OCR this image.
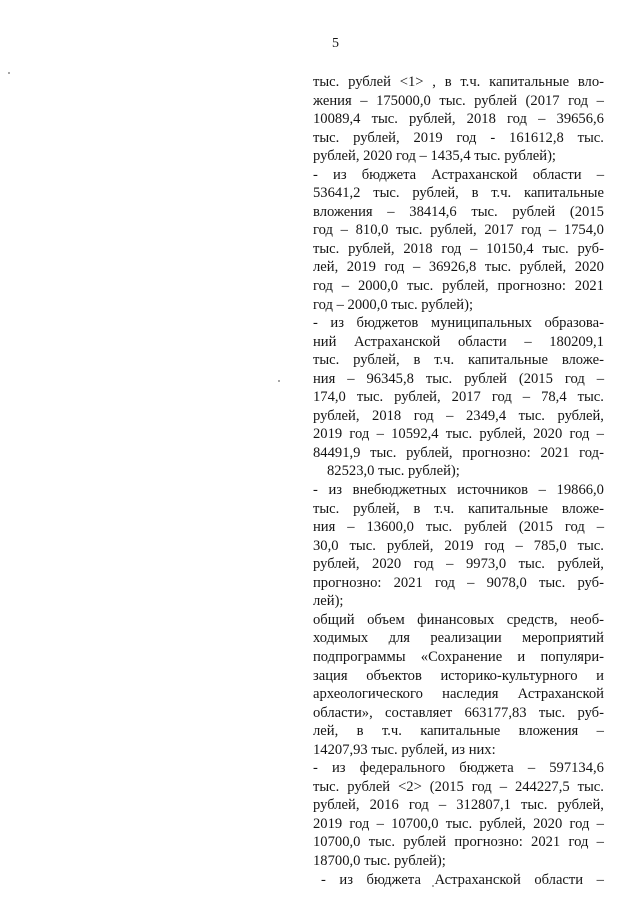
5
тыс. рублей <1> , в т.ч. капитальные вло-
жения – 175000,0 тыс. рублей (2017 год –
10089,4 тыс. рублей, 2018 год – 39656,6
тыс. рублей, 2019 год - 161612,8 тыс.
рублей, 2020 год – 1435,4 тыс. рублей);
- из бюджета Астраханской области –
53641,2 тыс. рублей, в т.ч. капитальные
вложения – 38414,6 тыс. рублей (2015
год – 810,0 тыс. рублей, 2017 год – 1754,0
тыс. рублей, 2018 год – 10150,4 тыс. руб-
лей, 2019 год – 36926,8 тыс. рублей, 2020
год – 2000,0 тыс. рублей, прогнозно: 2021
год – 2000,0 тыс. рублей);
- из бюджетов муниципальных образова-
ний Астраханской области – 180209,1
тыс. рублей, в т.ч. капитальные вложе-
ния – 96345,8 тыс. рублей (2015 год –
174,0 тыс. рублей, 2017 год – 78,4 тыс.
рублей, 2018 год – 2349,4 тыс. рублей,
2019 год – 10592,4 тыс. рублей, 2020 год –
84491,9 тыс. рублей, прогнозно: 2021 год-
82523,0 тыс. рублей);
- из внебюджетных источников – 19866,0
тыс. рублей, в т.ч. капитальные вложе-
ния – 13600,0 тыс. рублей (2015 год –
30,0 тыс. рублей, 2019 год – 785,0 тыс.
рублей, 2020 год – 9973,0 тыс. рублей,
прогнозно: 2021 год – 9078,0 тыс. руб-
лей);
общий объем финансовых средств, необ-
ходимых для реализации мероприятий
подпрограммы «Сохранение и популяри-
зация объектов историко-культурного и
археологического наследия Астраханской
области», составляет 663177,83 тыс. руб-
лей, в т.ч. капитальные вложения –
14207,93 тыс. рублей, из них:
- из федерального бюджета – 597134,6
тыс. рублей <2> (2015 год – 244227,5 тыс.
рублей, 2016 год – 312807,1 тыс. рублей,
2019 год – 10700,0 тыс. рублей, 2020 год –
10700,0 тыс. рублей прогнозно: 2021 год –
18700,0 тыс. рублей);
- из бюджета Астраханской области –
